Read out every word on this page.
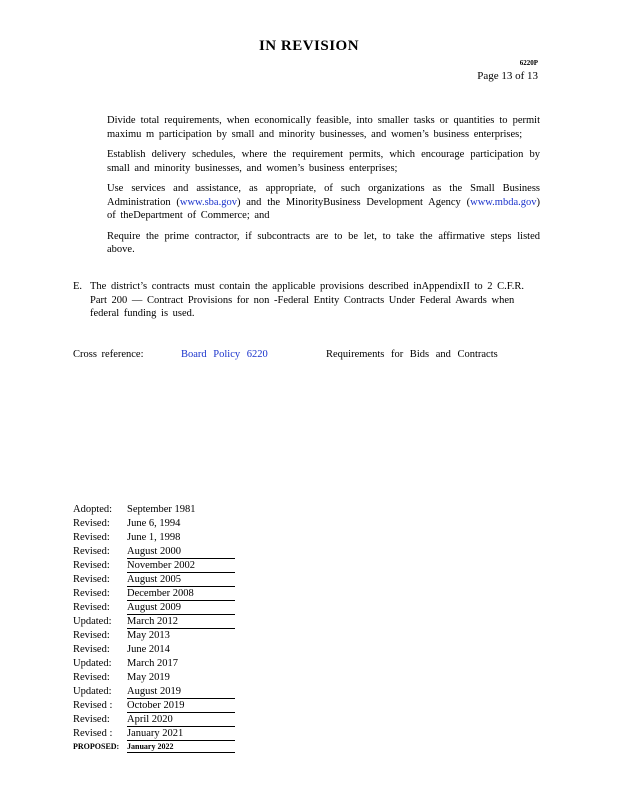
IN REVISION
6220P
Page 13 of 13
Divide total requirements, when economically feasible, into smaller tasks or quantities to permit maximu m participation by small and minority businesses, and women’s business enterprises;
Establish delivery schedules, where the requirement permits, which encourage participation by small and minority businesses, and women’s business enterprises;
Use services and assistance, as appropriate, of such organizations as the Small Business Administration (www.sba.gov) and the MinorityBusiness Development Agency (www.mbda.gov) of theDepartment of Commerce; and
Require the prime contractor, if subcontracts are to be let, to take the affirmative steps listed above.
E. The district’s contracts must contain the applicable provisions described inAppendixII to 2 C.F.R. Part 200 — Contract Provisions for non -Federal Entity Contracts Under Federal Awards when federal funding is used.
Cross reference:	Board Policy 6220	Requirements for Bids and Contracts
Adopted:	September 1981
Revised:	June 6, 1994
Revised:	June 1, 1998
Revised:	August 2000
Revised:	November 2002
Revised:	August 2005
Revised:	December 2008
Revised:	August 2009
Updated:	March 2012
Revised:	May 2013
Revised:	June 2014
Updated:	March 2017
Revised:	May 2019
Updated:	August 2019
Revised :	October 2019
Revised:	April 2020
Revised :	January 2021
PROPOSED: January 2022
